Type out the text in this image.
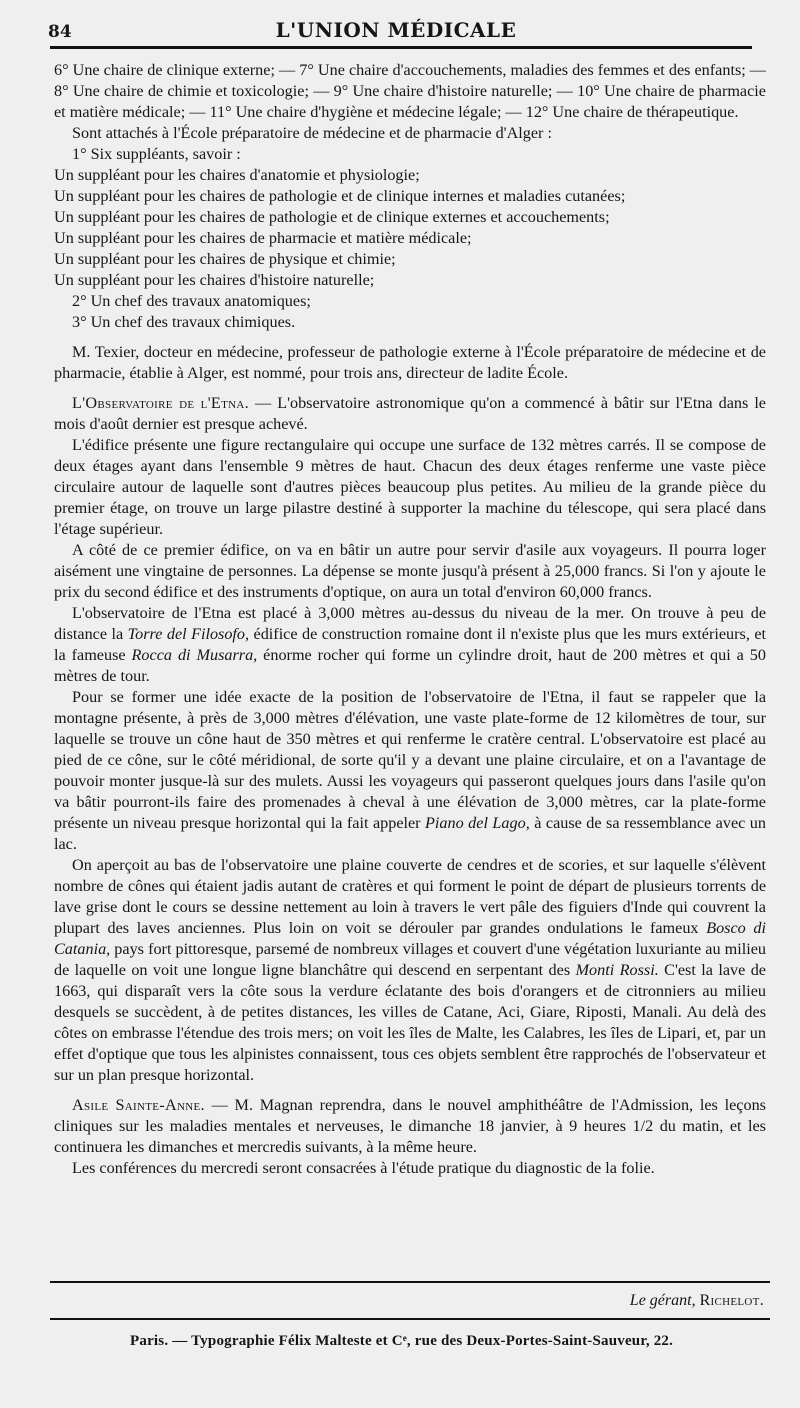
84	L'UNION MÉDICALE

6° Une chaire de clinique externe; — 7° Une chaire d'accouchements, maladies des femmes et des enfants; — 8° Une chaire de chimie et toxicologie; — 9° Une chaire d'histoire naturelle; — 10° Une chaire de pharmacie et matière médicale; — 11° Une chaire d'hygiène et médecine légale; — 12° Une chaire de thérapeutique.

Sont attachés à l'École préparatoire de médecine et de pharmacie d'Alger :

1° Six suppléants, savoir :

Un suppléant pour les chaires d'anatomie et physiologie;

Un suppléant pour les chaires de pathologie et de clinique internes et maladies cutanées;

Un suppléant pour les chaires de pathologie et de clinique externes et accouchements;

Un suppléant pour les chaires de pharmacie et matière médicale;

Un suppléant pour les chaires de physique et chimie;

Un suppléant pour les chaires d'histoire naturelle;

2° Un chef des travaux anatomiques;

3° Un chef des travaux chimiques.

M. Texier, docteur en médecine, professeur de pathologie externe à l'École préparatoire de médecine et de pharmacie, établie à Alger, est nommé, pour trois ans, directeur de ladite École.

L'Observatoire de l'Etna. — L'observatoire astronomique qu'on a commencé à bâtir sur l'Etna dans le mois d'août dernier est presque achevé.

L'édifice présente une figure rectangulaire qui occupe une surface de 132 mètres carrés. Il se compose de deux étages ayant dans l'ensemble 9 mètres de haut. Chacun des deux étages renferme une vaste pièce circulaire autour de laquelle sont d'autres pièces beaucoup plus petites. Au milieu de la grande pièce du premier étage, on trouve un large pilastre destiné à supporter la machine du télescope, qui sera placé dans l'étage supérieur.

A côté de ce premier édifice, on va en bâtir un autre pour servir d'asile aux voyageurs. Il pourra loger aisément une vingtaine de personnes. La dépense se monte jusqu'à présent à 25,000 francs. Si l'on y ajoute le prix du second édifice et des instruments d'optique, on aura un total d'environ 60,000 francs.

L'observatoire de l'Etna est placé à 3,000 mètres au-dessus du niveau de la mer. On trouve à peu de distance la Torre del Filosofo, édifice de construction romaine dont il n'existe plus que les murs extérieurs, et la fameuse Rocca di Musarra, énorme rocher qui forme un cylindre droit, haut de 200 mètres et qui a 50 mètres de tour.

Pour se former une idée exacte de la position de l'observatoire de l'Etna, il faut se rappeler que la montagne présente, à près de 3,000 mètres d'élévation, une vaste plate-forme de 12 kilomètres de tour, sur laquelle se trouve un cône haut de 350 mètres et qui renferme le cratère central. L'observatoire est placé au pied de ce cône, sur le côté méridional, de sorte qu'il y a devant une plaine circulaire, et on a l'avantage de pouvoir monter jusque-là sur des mulets. Aussi les voyageurs qui passeront quelques jours dans l'asile qu'on va bâtir pourront-ils faire des promenades à cheval à une élévation de 3,000 mètres, car la plate-forme présente un niveau presque horizontal qui la fait appeler Piano del Lago, à cause de sa ressemblance avec un lac.

On aperçoit au bas de l'observatoire une plaine couverte de cendres et de scories, et sur laquelle s'élèvent nombre de cônes qui étaient jadis autant de cratères et qui forment le point de départ de plusieurs torrents de lave grise dont le cours se dessine nettement au loin à travers le vert pâle des figuiers d'Inde qui couvrent la plupart des laves anciennes. Plus loin on voit se dérouler par grandes ondulations le fameux Bosco di Catania, pays fort pittoresque, parsemé de nombreux villages et couvert d'une végétation luxuriante au milieu de laquelle on voit une longue ligne blanchâtre qui descend en serpentant des Monti Rossi. C'est la lave de 1663, qui disparaît vers la côte sous la verdure éclatante des bois d'orangers et de citronniers au milieu desquels se succèdent, à de petites distances, les villes de Catane, Aci, Giare, Riposti, Manali. Au delà des côtes on embrasse l'étendue des trois mers; on voit les îles de Malte, les Calabres, les îles de Lipari, et, par un effet d'optique que tous les alpinistes connaissent, tous ces objets semblent être rapprochés de l'observateur et sur un plan presque horizontal.

Asile Sainte-Anne. — M. Magnan reprendra, dans le nouvel amphithéâtre de l'Admission, les leçons cliniques sur les maladies mentales et nerveuses, le dimanche 18 janvier, à 9 heures 1/2 du matin, et les continuera les dimanches et mercredis suivants, à la même heure.

Les conférences du mercredi seront consacrées à l'étude pratique du diagnostic de la folie.

Le gérant, Richelot.
Paris. — Typographie Félix Malteste et Cᵉ, rue des Deux-Portes-Saint-Sauveur, 22.
